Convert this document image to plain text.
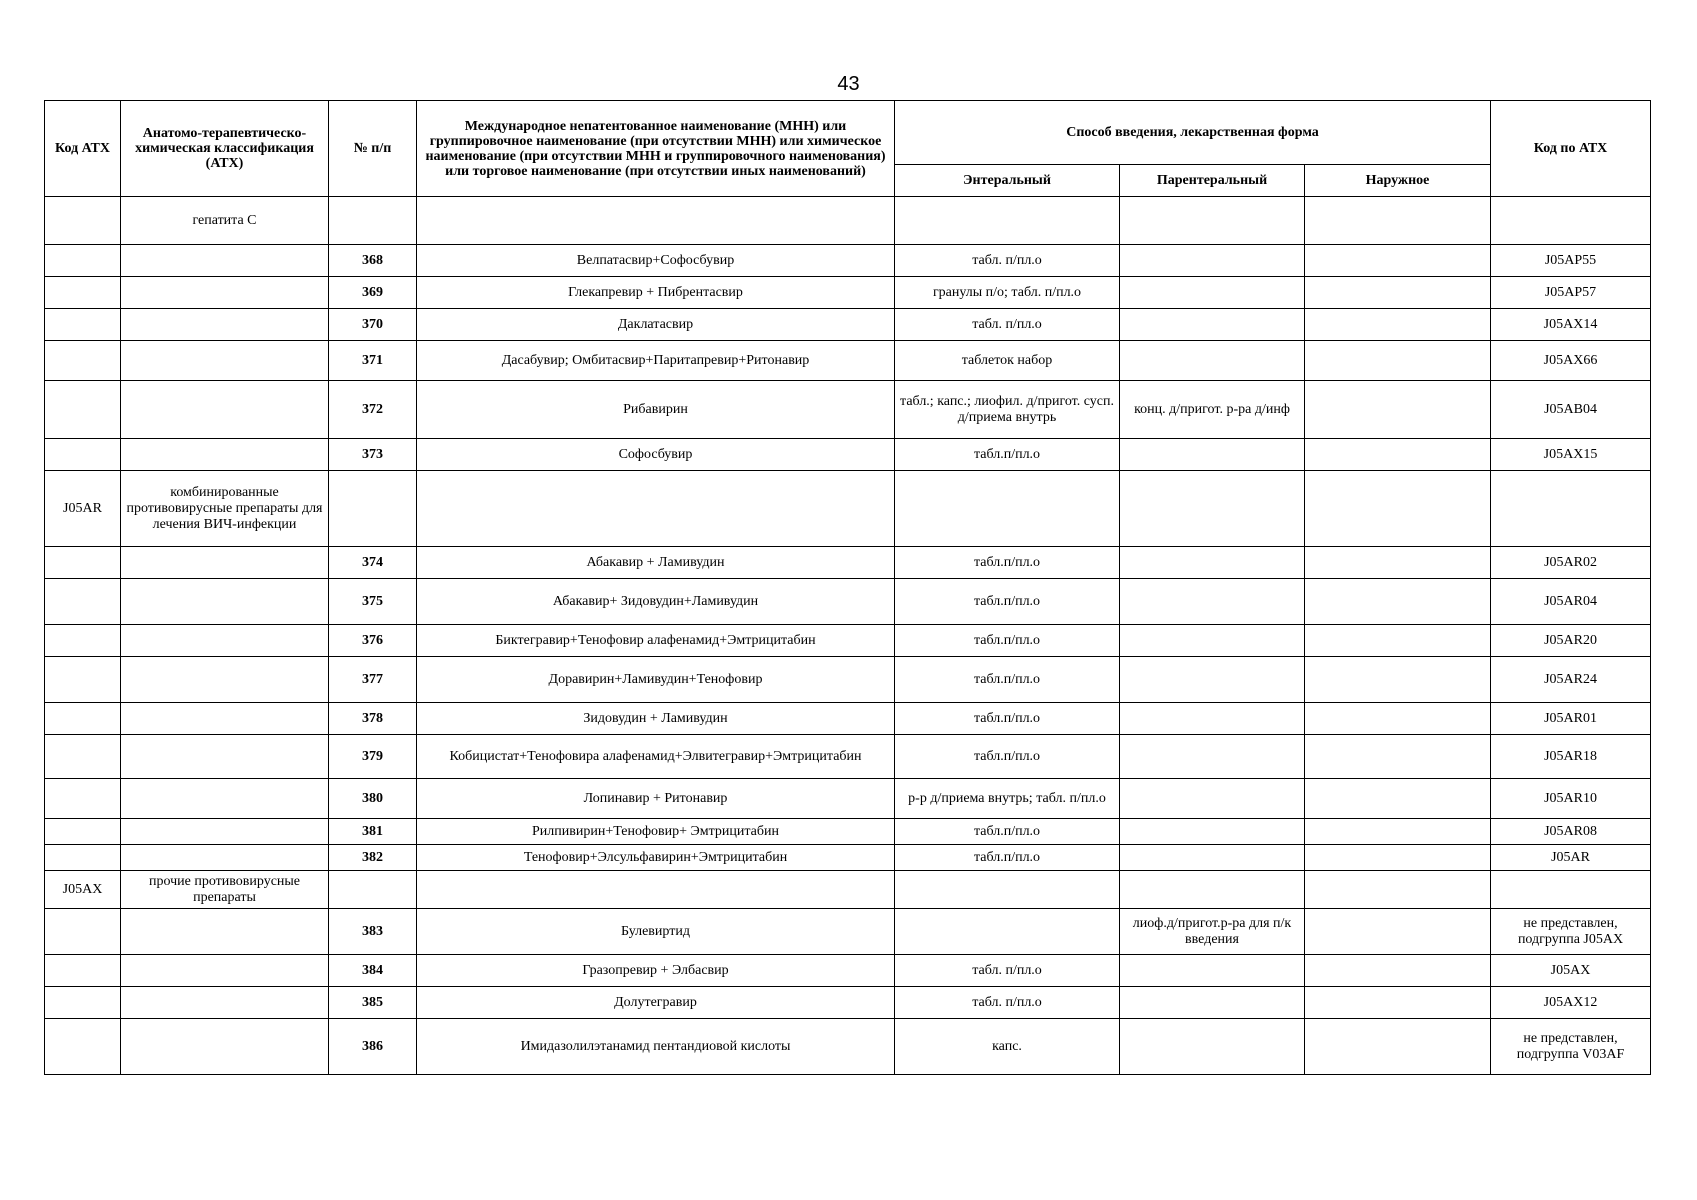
43
Код АТХ	Анатомо-терапевтическо-химическая классификация (АТХ)	№ п/п	Международное непатентованное наименование (МНН) или группировочное наименование (при отсутствии МНН) или химическое наименование (при отсутствии МНН и группировочного наименования) или торговое наименование (при отсутствии иных наименований)	Способ введения, лекарственная форма			Код по АТХ
				Энтеральный	Парентеральный	Наружное	
	гепатита С						
		368	Велпатасвир+Софосбувир	табл. п/пл.о			J05AP55
		369	Глекапревир + Пибрентасвир	гранулы п/о; табл. п/пл.о			J05AP57
		370	Даклатасвир	табл. п/пл.о			J05AX14
		371	Дасабувир; Омбитасвир+Паритапревир+Ритонавир	таблеток набор			J05AX66
		372	Рибавирин	табл.; капс.; лиофил. д/пригот. сусп. д/приема внутрь	конц. д/пригот. р-ра д/инф		J05AB04
		373	Софосбувир	табл.п/пл.о			J05AX15
J05AR	комбинированные противовирусные препараты для лечения ВИЧ-инфекции						
		374	Абакавир + Ламивудин	табл.п/пл.о			J05AR02
		375	Абакавир+ Зидовудин+Ламивудин	табл.п/пл.о			J05AR04
		376	Биктегравир+Тенофовир алафенамид+Эмтрицитабин	табл.п/пл.о			J05AR20
		377	Доравирин+Ламивудин+Тенофовир	табл.п/пл.о			J05AR24
		378	Зидовудин + Ламивудин	табл.п/пл.о			J05AR01
		379	Кобицистат+Тенофовира алафенамид+Элвитегравир+Эмтрицитабин	табл.п/пл.о			J05AR18
		380	Лопинавир + Ритонавир	р-р д/приема внутрь; табл. п/пл.о			J05AR10
		381	Рилпивирин+Тенофовир+ Эмтрицитабин	табл.п/пл.о			J05AR08
		382	Тенофовир+Элсульфавирин+Эмтрицитабин	табл.п/пл.о			J05AR
J05AX	прочие противовирусные препараты						
		383	Булевиртид		лиоф.д/пригот.р-ра для п/к введения		не представлен, подгруппа J05AX
		384	Гразопревир + Элбасвир	табл. п/пл.о			J05AX
		385	Долутегравир	табл. п/пл.о			J05AX12
		386	Имидазолилэтанамид пентандиовой кислоты	капс.			не представлен, подгруппа V03AF
